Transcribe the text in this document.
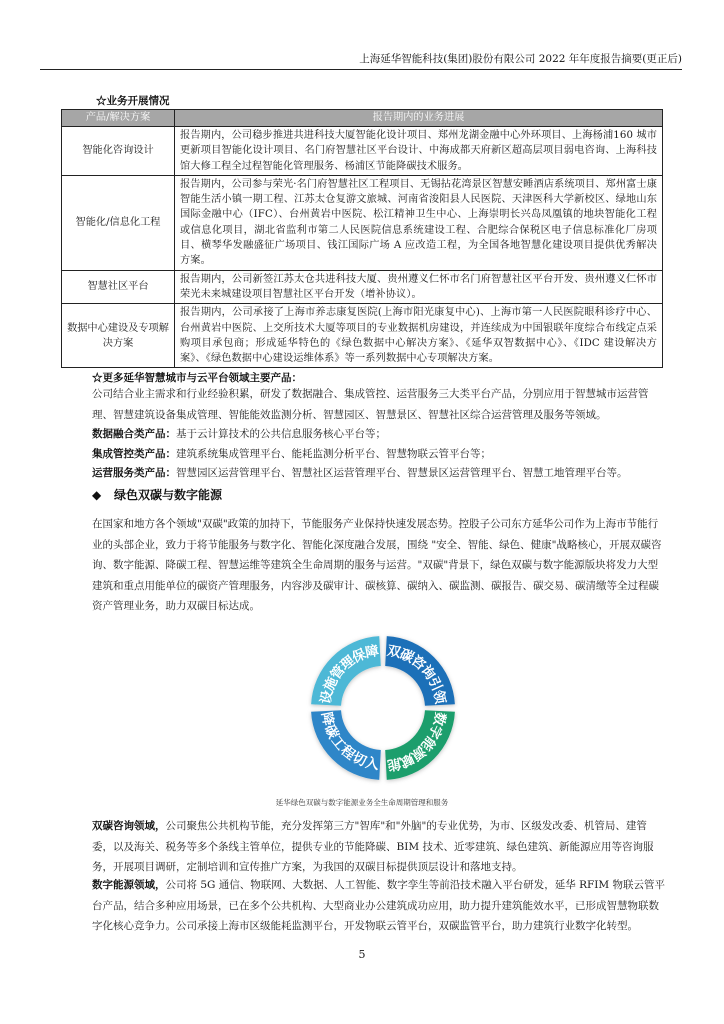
上海延华智能科技(集团)股份有限公司 2022 年年度报告摘要(更正后)
☆业务开展情况
产品/解决方案	报告期内的业务进展
智能化咨询设计	报告期内，公司稳步推进共进科技大厦智能化设计项目、郑州龙湖金融中心外环项目、上海杨浦160 城市更新项目智能化设计项目、名门府智慧社区平台设计、中海成都天府新区超高层项目弱电咨询、上海科技馆大修工程全过程智能化管理服务、杨浦区节能降碳技术服务。
智能化/信息化工程	报告期内，公司参与荣光·名门府智慧社区工程项目、无锡拈花湾景区智慧安睡酒店系统项目、郑州富士康智能生活小镇一期工程、江苏太仓复游文旅城、河南省浚阳县人民医院、天津医科大学新校区、绿地山东国际金融中心（IFC）、台州黄岩中医院、松江精神卫生中心、上海崇明长兴岛凤凰镇的地块智能化工程或信息化项目，湖北省监利市第二人民医院信息系统建设工程、合肥综合保税区电子信息标准化厂房项目、横琴华发融盛征广场项目、钱江国际广场 A 应改造工程，为全国各地智慧化建设项目提供优秀解决方案。
智慧社区平台	报告期内，公司新签江苏太仓共进科技大厦、贵州遵义仁怀市名门府智慧社区平台开发、贵州遵义仁怀市荣光未来城建设项目智慧社区平台开发（增补协议）。
数据中心建设及专项解决方案	报告期内，公司承接了上海市养志康复医院(上海市阳光康复中心)、上海市第一人民医院眼科诊疗中心、台州黄岩中医院、上交所技术大厦等项目的专业数据机房建设，并连续成为中国银联年度综合布线定点采购项目承包商；形成延华特色的《绿色数据中心解决方案》、《延华双智数据中心》、《IDC 建设解决方案》、《绿色数据中心建设运维体系》等一系列数据中心专项解决方案。
☆更多延华智慧城市与云平台领域主要产品：
公司结合业主需求和行业经验积累，研发了数据融合、集成管控、运营服务三大类平台产品，分别应用于智慧城市运营管理、智慧建筑设备集成管理、智能能效监测分析、智慧园区、智慧景区、智慧社区综合运营管理及服务等领域。
数据融合类产品：基于云计算技术的公共信息服务核心平台等；
集成管控类产品：建筑系统集成管理平台、能耗监测分析平台、智慧物联云管平台等；
运营服务类产品：智慧园区运营管理平台、智慧社区运营管理平台、智慧景区运营管理平台、智慧工地管理平台等。
◆ 绿色双碳与数字能源
在国家和地方各个领域"双碳"政策的加持下，节能服务产业保持快速发展态势。控股子公司东方延华公司作为上海市节能行业的头部企业，致力于将节能服务与数字化、智能化深度融合发展，围绕 "安全、智能、绿色、健康"战略核心，开展双碳咨询、数字能源、降碳工程、智慧运维等建筑全生命周期的服务与运营。"双碳"背景下，绿色双碳与数字能源版块将发力大型建筑和重点用能单位的碳资产管理服务，内容涉及碳审计、碳核算、碳纳入、碳监测、碳报告、碳交易、碳清缴等全过程碳资产管理业务，助力双碳目标达成。
双碳咨询引领
数字能源赋能
降碳工程切入
设施管理保障
延华绿色双碳与数字能源业务全生命周期管理和服务
双碳咨询领域，公司聚焦公共机构节能，充分发挥第三方"智库"和"外脑"的专业优势，为市、区级发改委、机管局、建管委，以及海关、税务等多个条线主管单位，提供专业的节能降碳、BIM 技术、近零建筑、绿色建筑、新能源应用等咨询服务，开展项目调研，定制培训和宣传推广方案，为我国的双碳目标提供顶层设计和落地支持。
数字能源领域，公司将 5G 通信、物联网、大数据、人工智能、数字孪生等前沿技术融入平台研发，延华 RFIM 物联云管平台产品，结合多种应用场景，已在多个公共机构、大型商业办公建筑成功应用，助力提升建筑能效水平，已形成智慧物联数字化核心竞争力。公司承接上海市区级能耗监测平台，开发物联云管平台，双碳监管平台，助力建筑行业数字化转型。
5
